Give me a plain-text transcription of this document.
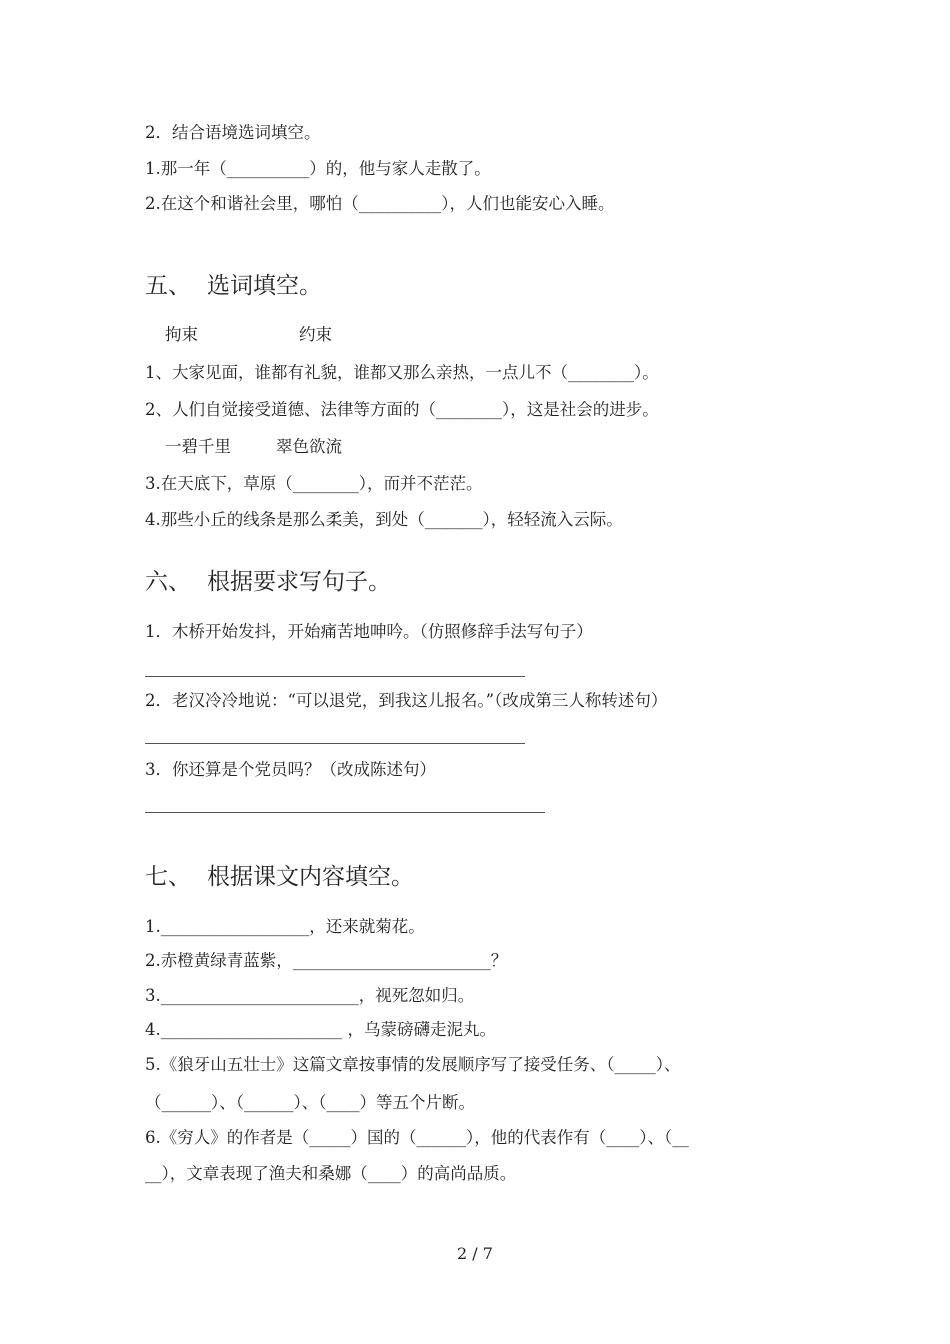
2．结合语境选词填空。
1.那一年（__________）的，他与家人走散了。
2.在这个和谐社会里，哪怕（__________），人们也能安心入睡。
五、 选词填空。
拘束	约束
1、大家见面，谁都有礼貌，谁都又那么亲热，一点儿不（________）。
2、人们自觉接受道德、法律等方面的（________），这是社会的进步。
一碧千里	翠色欲流
3.在天底下，草原（________），而并不茫茫。
4.那些小丘的线条是那么柔美，到处（_______），轻轻流入云际。
六、 根据要求写句子。
1．木桥开始发抖，开始痛苦地呻吟。（仿照修辞手法写句子）
2．老汉冷冷地说：“可以退党，到我这儿报名。”（改成第三人称转述句）
3．你还算是个党员吗？（改成陈述句）
七、 根据课文内容填空。
1.__________________，还来就菊花。
2.赤橙黄绿青蓝紫，________________________？
3.________________________，视死忽如归。
4.______________________ ，乌蒙磅礴走泥丸。
5.《狼牙山五壮士》这篇文章按事情的发展顺序写了接受任务、（_____）、
（______）、（______）、（____）等五个片断。
6.《穷人》的作者是（_____）国的（______），他的代表作有（____）、（__
__），文章表现了渔夫和桑娜（____）的高尚品质。
2 / 7
